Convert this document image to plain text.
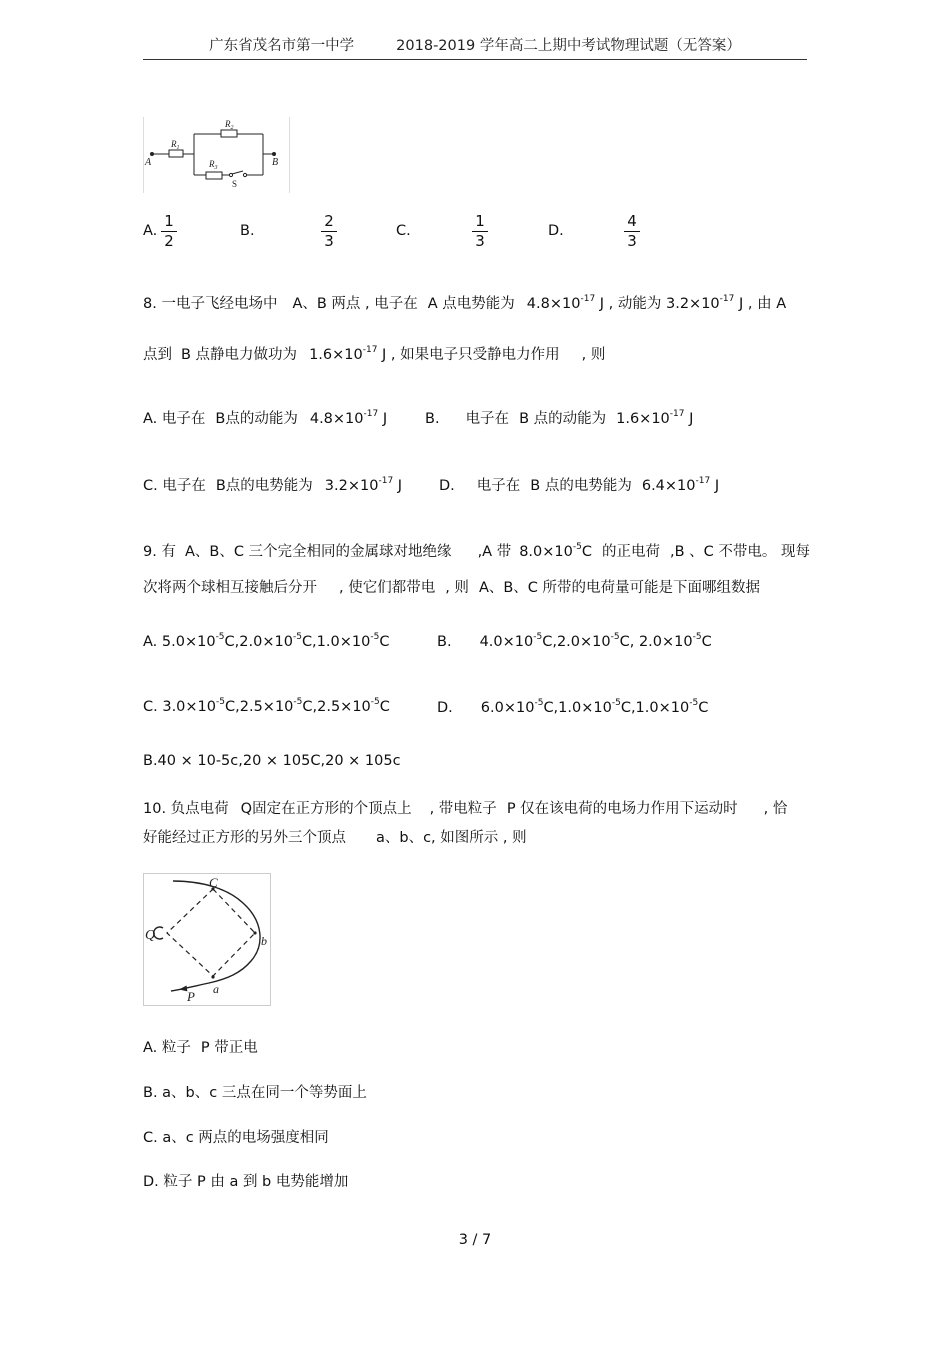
广东省茂名市第一中学	2018-2019 学年高二上期中考试物理试题（无答案）
$R_1$
$R_2$
$R_3$
A	B
S
A.
1
2
B.
2
3
C.
1
3
D.
4
3
8. 一电子飞经电场中 A、B 两点 , 电子在 A 点电势能为 $4.8\times 10^{-17}$ J , 动能为 $3.2\times 10^{-17}$ J , 由 A
点到 B 点静电力做功为 $1.6\times 10^{-17}$ J , 如果电子只受静电力作用 , 则
A. 电子在 B点的动能为 $4.8\times 10^{-17}$ J	B. 电子在 B 点的动能为 $1.6\times 10^{-17}$ J
C. 电子在 B点的电势能为 $3.2\times 10^{-17}$ J	D. 电子在 B 点的电势能为 $6.4\times 10^{-17}$ J
9. 有 A、B、C 三个完全相同的金属球对地绝缘 ,A 带 $8.0\times 10^{-5}C$ 的正电荷 ,B 、C 不带电。 现每
次将两个球相互接触后分开 , 使它们都带电 , 则 A、B、C 所带的电荷量可能是下面哪组数据
A. $5.0\times 10^{-5}C,2.0\times 10^{-5}C,1.0\times 10^{-5}C$	B. $4.0\times 10^{-5}C,2.0\times 10^{-5}C$, $2.0\times 10^{-5}C$
C. $3.0\times 10^{-5}C,2.5\times 10^{-5}C,2.5\times 10^{-5}C$	D. $6.0\times 10^{-5}C,1.0\times 10^{-5}C,1.0\times 10^{-5}C$
B.40 × 10-5c,20 × 105C,20 × 105c
10. 负点电荷 Q固定在正方形的个顶点上 , 带电粒子 P 仅在该电荷的电场力作用下运动时 , 恰
好能经过正方形的另外三个顶点 a、b、c, 如图所示 , 则
C
Q	b
a
P
A. 粒子 P 带正电
B. a、b、c 三点在同一个等势面上
C. a、c 两点的电场强度相同
D. 粒子 P 由 a 到 b 电势能增加
3 / 7
